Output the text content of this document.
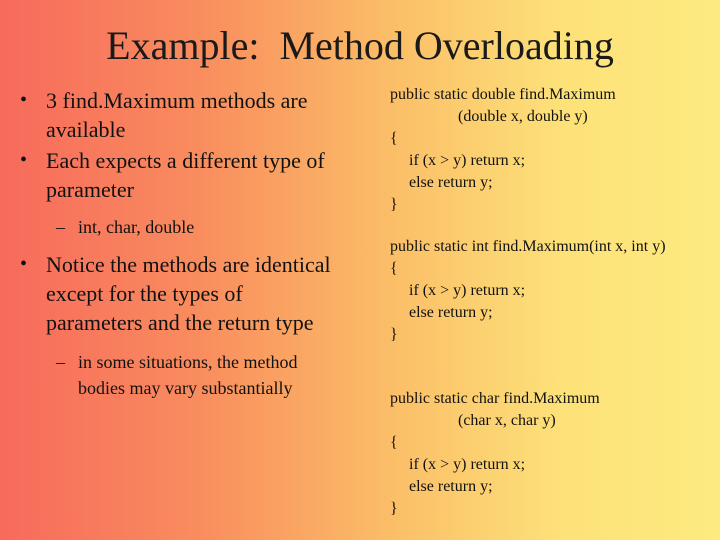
Example:  Method Overloading
• 3 find.Maximum methods are available
• Each expects a different type of parameter
– int, char, double
• Notice the methods are identical except for the types of parameters and the return type
– in some situations, the method bodies may vary substantially
public static double find.Maximum
(double x, double y)
{
if (x > y) return x;
else return y;
}
public static int find.Maximum(int x, int y)
{
if (x > y) return x;
else return y;
}
public static char find.Maximum
(char x, char y)
{
if (x > y) return x;
else return y;
}
